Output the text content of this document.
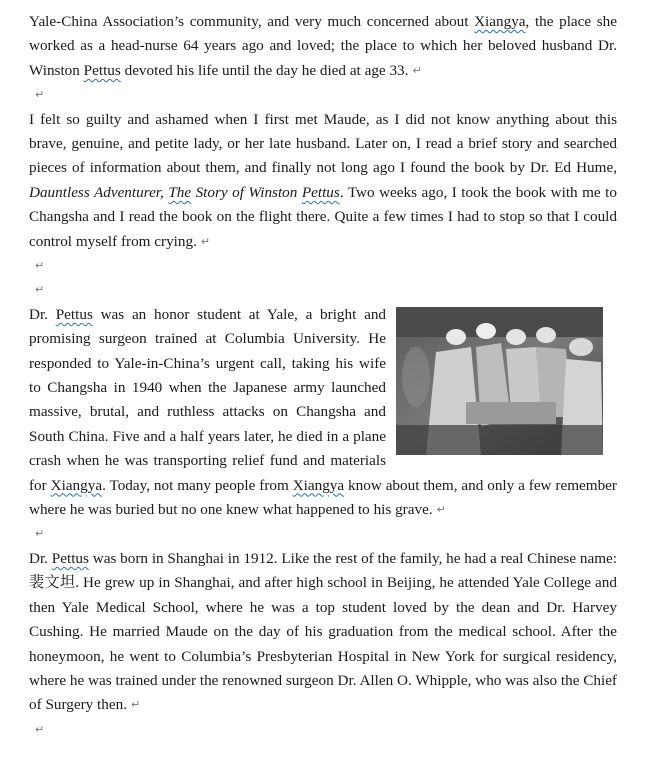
Yale-China Association’s community, and very much concerned about Xiangya, the place she worked as a head-nurse 64 years ago and loved; the place to which her beloved husband Dr. Winston Pettus devoted his life until the day he died at age 33. ↵

↵

I felt so guilty and ashamed when I first met Maude, as I did not know anything about this brave, genuine, and petite lady, or her late husband. Later on, I read a brief story and searched pieces of information about them, and finally not long ago I found the book by Dr. Ed Hume, Dauntless Adventurer, The Story of Winston Pettus. Two weeks ago, I took the book with me to Changsha and I read the book on the flight there. Quite a few times I had to stop so that I could control myself from crying. ↵

↵
↵

Dr. Pettus was an honor student at Yale, a bright and promising surgeon trained at Columbia University. He responded to Yale-in-China’s urgent call, taking his wife to Changsha in 1940 when the Japanese army launched massive, brutal, and ruthless attacks on Changsha and South China. Five and a half years later, he died in a plane crash when he was transporting relief fund and materials for Xiangya. Today, not many people from Xiangya know about them, and only a few remember where he was buried but no one knew what happened to his grave. ↵

↵

Dr. Pettus was born in Shanghai in 1912. Like the rest of the family, he had a real Chinese name: 裴文坦. He grew up in Shanghai, and after high school in Beijing, he attended Yale College and then Yale Medical School, where he was a top student loved by the dean and Dr. Harvey Cushing. He married Maude on the day of his graduation from the medical school. After the honeymoon, he went to Columbia’s Presbyterian Hospital in New York for surgical residency, where he was trained under the renowned surgeon Dr. Allen O. Whipple, who was also the Chief of Surgery then. ↵

↵
